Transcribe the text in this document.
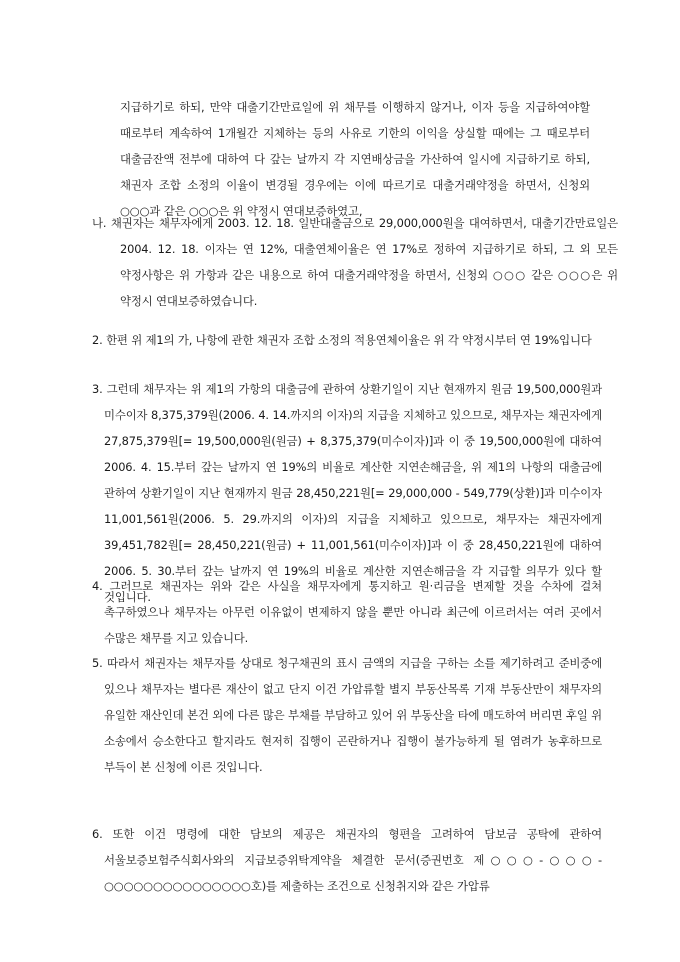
지급하기로 하되, 만약 대출기간만료일에 위 채무를 이행하지 않거나, 이자 등을 지급하여야할 때로부터 계속하여 1개월간 지체하는 등의 사유로 기한의 이익을 상실할 때에는 그 때로부터 대출금잔액 전부에 대하여 다 갚는 날까지 각 지연배상금을 가산하여 일시에 지급하기로 하되, 채권자 조합 소정의 이율이 변경될 경우에는 이에 따르기로 대출거래약정을 하면서, 신청외 ○○○과 같은 ○○○은 위 약정시 연대보증하였고,
나. 채권자는 채무자에게 2003. 12. 18. 일반대출금으로 29,000,000원을 대여하면서, 대출기간만료일은 2004. 12. 18. 이자는 연 12%, 대출연체이율은 연 17%로 정하여 지급하기로 하되, 그 외 모든 약정사항은 위 가항과 같은 내용으로 하여 대출거래약정을 하면서, 신청외 ○○○ 같은 ○○○은 위 약정시 연대보증하였습니다.
2. 한편 위 제1의 가, 나항에 관한 채권자 조합 소정의 적용연체이율은 위 각 약정시부터 연 19%입니다
3. 그런데 채무자는 위 제1의 가항의 대출금에 관하여 상환기일이 지난 현재까지 원금 19,500,000원과 미수이자 8,375,379원(2006. 4. 14.까지의 이자)의 지급을 지체하고 있으므로, 채무자는 채권자에게 27,875,379원[= 19,500,000원(원금) + 8,375,379(미수이자)]과 이 중 19,500,000원에 대하여 2006. 4. 15.부터 갚는 날까지 연 19%의 비율로 계산한 지연손해금을, 위 제1의 나항의 대출금에 관하여 상환기일이 지난 현재까지 원금 28,450,221원[= 29,000,000 - 549,779(상환)]과 미수이자 11,001,561원(2006. 5. 29.까지의 이자)의 지급을 지체하고 있으므로, 채무자는 채권자에게 39,451,782원[= 28,450,221(원금) + 11,001,561(미수이자)]과 이 중 28,450,221원에 대하여 2006. 5. 30.부터 갚는 날까지 연 19%의 비율로 계산한 지연손해금을 각 지급할 의무가 있다 할 것입니다.
4. 그러므로 채권자는 위와 같은 사실을 채무자에게 통지하고 원·리금을 변제할 것을 수차에 걸쳐 촉구하였으나 채무자는 아무런 이유없이 변제하지 않을 뿐만 아니라 최근에 이르러서는 여러 곳에서 수많은 채무를 지고 있습니다.
5. 따라서 채권자는 채무자를 상대로 청구채권의 표시 금액의 지급을 구하는 소를 제기하려고 준비중에 있으나 채무자는 별다른 재산이 없고 단지 이건 가압류할 별지 부동산목록 기재 부동산만이 채무자의 유일한 재산인데 본건 외에 다른 많은 부채를 부담하고 있어 위 부동산을 타에 매도하여 버리면 후일 위 소송에서 승소한다고 할지라도 현저히 집행이 곤란하거나 집행이 불가능하게 될 염려가 농후하므로 부득이 본 신청에 이른 것입니다.
6. 또한 이건 명령에 대한 담보의 제공은 채권자의 형편을 고려하여 담보금 공탁에 관하여 서울보증보험주식회사와의 지급보증위탁계약을 체결한 문서(증권번호 제○○○-○○○-○○○○○○○○○○○○○○○호)를 제출하는 조건으로 신청취지와 같은 가압류
